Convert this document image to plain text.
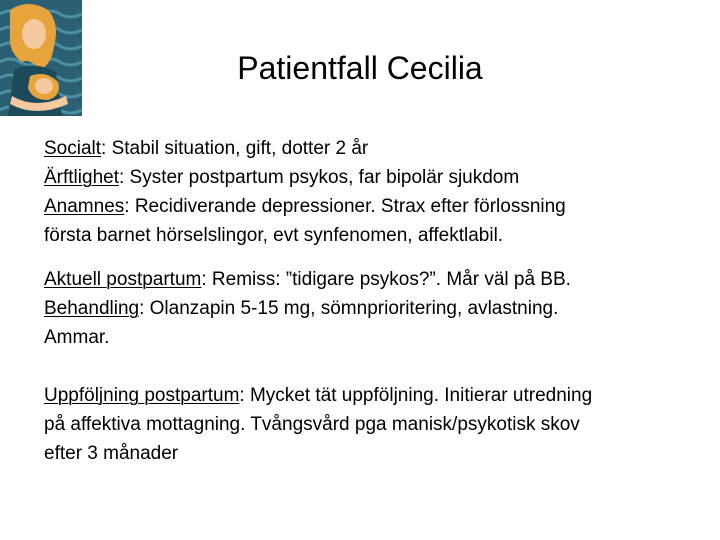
Patientfall Cecilia
Socialt: Stabil situation, gift, dotter 2 år
Ärftlighet: Syster postpartum psykos, far bipolär sjukdom
Anamnes: Recidiverande depressioner. Strax efter förlossning
första barnet hörselslingor, evt synfenomen, affektlabil.
Aktuell postpartum: Remiss: ”tidigare psykos?”. Mår väl på BB.
Behandling: Olanzapin 5-15 mg, sömnprioritering, avlastning.
Ammar.
Uppföljning postpartum: Mycket tät uppföljning. Initierar utredning
på affektiva mottagning. Tvångsvård pga manisk/psykotisk skov
efter 3 månader
